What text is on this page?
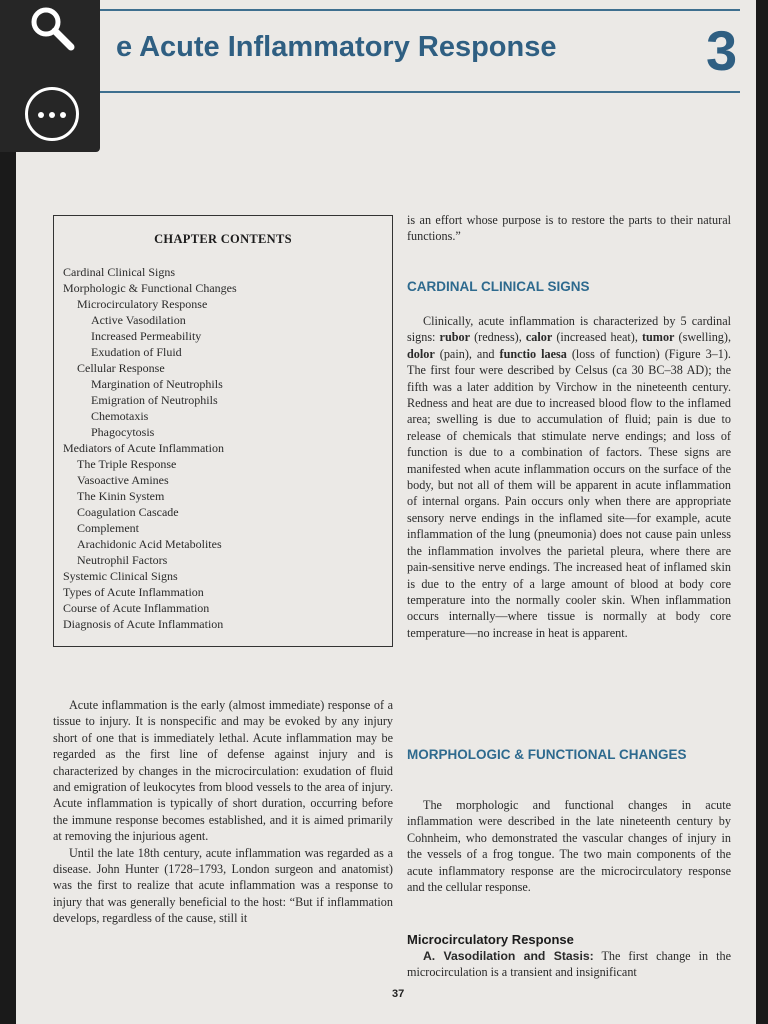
e Acute Inflammatory Response	3
CHAPTER CONTENTS
Cardinal Clinical Signs
Morphologic & Functional Changes
Microcirculatory Response
Active Vasodilation
Increased Permeability
Exudation of Fluid
Cellular Response
Margination of Neutrophils
Emigration of Neutrophils
Chemotaxis
Phagocytosis
Mediators of Acute Inflammation
The Triple Response
Vasoactive Amines
The Kinin System
Coagulation Cascade
Complement
Arachidonic Acid Metabolites
Neutrophil Factors
Systemic Clinical Signs
Types of Acute Inflammation
Course of Acute Inflammation
Diagnosis of Acute Inflammation

Acute inflammation is the early (almost immediate) response of a tissue to injury. It is nonspecific and may be evoked by any injury short of one that is immediately lethal. Acute inflammation may be regarded as the first line of defense against injury and is characterized by changes in the microcirculation: exudation of fluid and emigration of leukocytes from blood vessels to the area of injury. Acute inflammation is typically of short duration, occurring before the immune response becomes established, and it is aimed primarily at removing the injurious agent.

Until the late 18th century, acute inflammation was regarded as a disease. John Hunter (1728–1793, London surgeon and anatomist) was the first to realize that acute inflammation was a response to injury that was generally beneficial to the host: “But if inflammation develops, regardless of the cause, still it

is an effort whose purpose is to restore the parts to their natural functions.”

CARDINAL CLINICAL SIGNS

Clinically, acute inflammation is characterized by 5 cardinal signs: rubor (redness), calor (increased heat), tumor (swelling), dolor (pain), and functio laesa (loss of function) (Figure 3–1). The first four were described by Celsus (ca 30 BC–38 AD); the fifth was a later addition by Virchow in the nineteenth century. Redness and heat are due to increased blood flow to the inflamed area; swelling is due to accumulation of fluid; pain is due to release of chemicals that stimulate nerve endings; and loss of function is due to a combination of factors. These signs are manifested when acute inflammation occurs on the surface of the body, but not all of them will be apparent in acute inflammation of internal organs. Pain occurs only when there are appropriate sensory nerve endings in the inflamed site—for example, acute inflammation of the lung (pneumonia) does not cause pain unless the inflammation involves the parietal pleura, where there are pain-sensitive nerve endings. The increased heat of inflamed skin is due to the entry of a large amount of blood at body core temperature into the normally cooler skin. When inflammation occurs internally—where tissue is normally at body core temperature—no increase in heat is apparent.

MORPHOLOGIC & FUNCTIONAL CHANGES

The morphologic and functional changes in acute inflammation were described in the late nineteenth century by Cohnheim, who demonstrated the vascular changes of injury in the vessels of a frog tongue. The two main components of the acute inflammatory response are the microcirculatory response and the cellular response.

Microcirculatory Response

A. Vasodilation and Stasis: The first change in the microcirculation is a transient and insignificant

37
